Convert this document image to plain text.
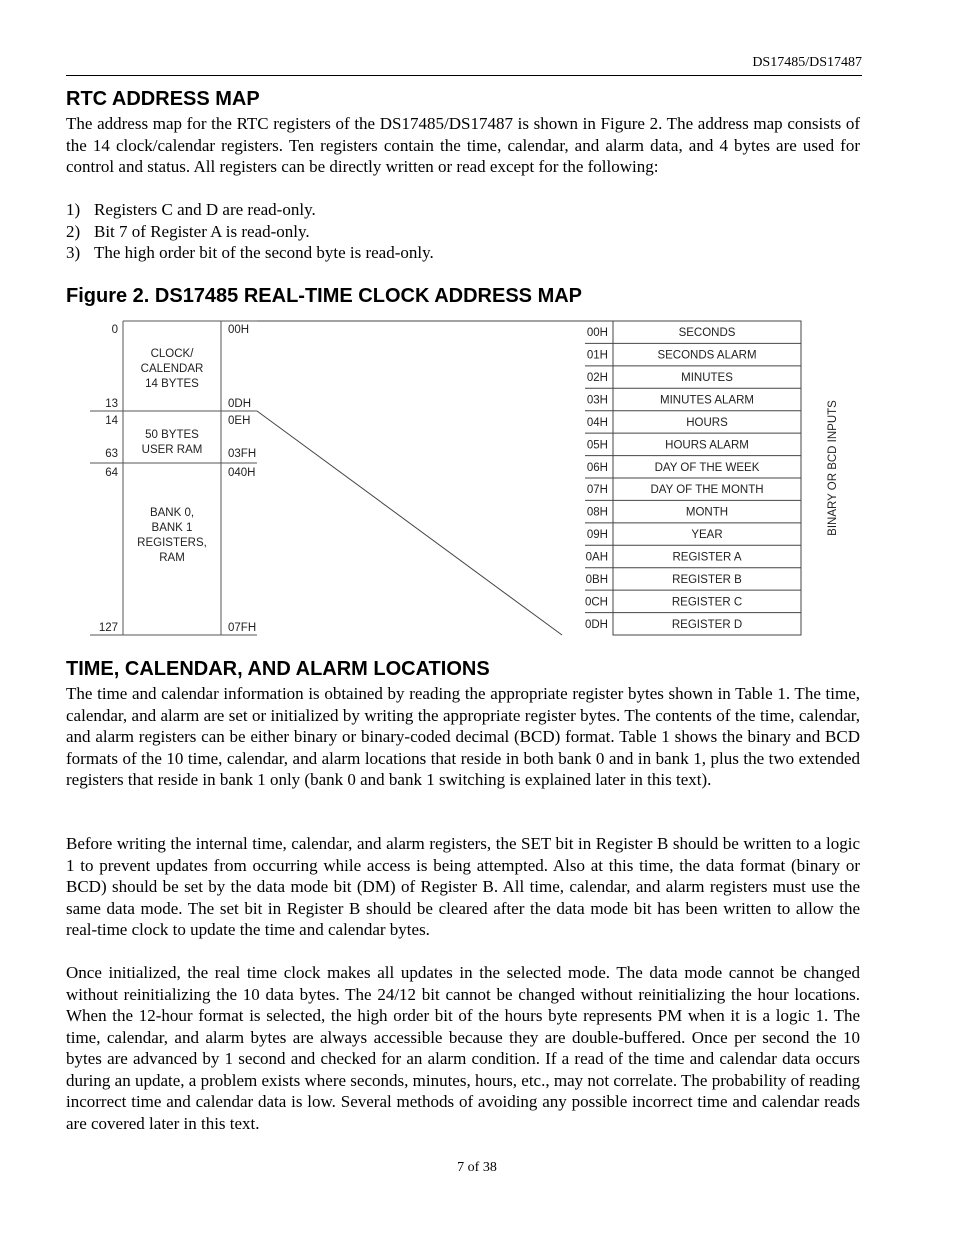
DS17485/DS17487
RTC ADDRESS MAP

The address map for the RTC registers of the DS17485/DS17487 is shown in Figure 2. The address map consists of the 14 clock/calendar registers. Ten registers contain the time, calendar, and alarm data, and 4 bytes are used for control and status. All registers can be directly written or read except for the following:

1) Registers C and D are read-only.
2) Bit 7 of Register A is read-only.
3) The high order bit of the second byte is read-only.
Figure 2. DS17485 REAL-TIME CLOCK ADDRESS MAP
0
13
14
63
64
127
00H
0DH
0EH
03FH
040H
07FH
CLOCK/
CALENDAR
14 BYTES
50 BYTES
USER RAM
BANK 0,
BANK 1
REGISTERS,
RAM
00H	SECONDS
01H	SECONDS ALARM
02H	MINUTES
03H	MINUTES ALARM
04H	HOURS
05H	HOURS ALARM
06H	DAY OF THE WEEK
07H	DAY OF THE MONTH
08H	MONTH
09H	YEAR
0AH	REGISTER A
0BH	REGISTER B
0CH	REGISTER C
0DH	REGISTER D
BINARY OR BCD INPUTS
TIME, CALENDAR, AND ALARM LOCATIONS

The time and calendar information is obtained by reading the appropriate register bytes shown in Table 1. The time, calendar, and alarm are set or initialized by writing the appropriate register bytes. The contents of the time, calendar, and alarm registers can be either binary or binary-coded decimal (BCD) format. Table 1 shows the binary and BCD formats of the 10 time, calendar, and alarm locations that reside in both bank 0 and in bank 1, plus the two extended registers that reside in bank 1 only (bank 0 and bank 1 switching is explained later in this text).

Before writing the internal time, calendar, and alarm registers, the SET bit in Register B should be written to a logic 1 to prevent updates from occurring while access is being attempted. Also at this time, the data format (binary or BCD) should be set by the data mode bit (DM) of Register B. All time, calendar, and alarm registers must use the same data mode. The set bit in Register B should be cleared after the data mode bit has been written to allow the real-time clock to update the time and calendar bytes.

Once initialized, the real time clock makes all updates in the selected mode. The data mode cannot be changed without reinitializing the 10 data bytes. The 24/12 bit cannot be changed without reinitializing the hour locations. When the 12-hour format is selected, the high order bit of the hours byte represents PM when it is a logic 1. The time, calendar, and alarm bytes are always accessible because they are double-buffered. Once per second the 10 bytes are advanced by 1 second and checked for an alarm condition. If a read of the time and calendar data occurs during an update, a problem exists where seconds, minutes, hours, etc., may not correlate. The probability of reading incorrect time and calendar data is low. Several methods of avoiding any possible incorrect time and calendar reads are covered later in this text.

7 of 38
